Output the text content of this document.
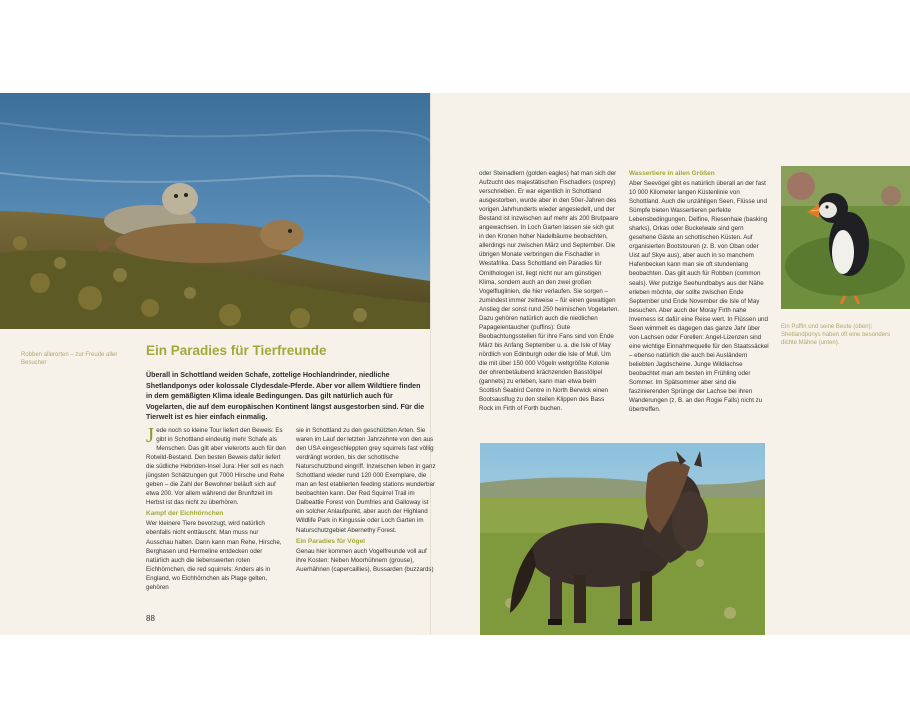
Robben allerorten – zur Freude aller Besucher
Ein Puffin und seine Beute (oben); Shetlandponys haben oft eine besonders dichte Mähne (unten).
Ein Paradies für Tierfreunde
Überall in Schottland weiden Schafe, zottelige Hochlandrinder, niedliche Shetlandponys oder kolossale Clydesdale-Pferde. Aber vor allem Wildtiere finden in dem gemäßigten Klima ideale Bedingungen. Das gilt natürlich auch für Vogelarten, die auf dem europäischen Kontinent längst ausgestorben sind. Für die Tierwelt ist es hier einfach einmalig.

J ede noch so kleine Tour liefert den Beweis: Es gibt in Schottland eindeutig mehr Schafe als Menschen. Das gilt aber vielerorts auch für den Rotwild-Bestand. Den besten Beweis dafür liefert die südliche Hebriden-Insel Jura: Hier soll es nach jüngsten Schätzungen gut 7000 Hirsche und Rehe geben – die Zahl der Bewohner beläuft sich auf etwa 200. Vor allem während der Brunftzeit im Herbst ist das nicht zu überhören.

Kampf der Eichhörnchen

Wer kleinere Tiere bevorzugt, wird natürlich ebenfalls nicht enttäuscht. Man muss nur Ausschau halten. Dann kann man Rehe, Hirsche, Berghasen und Hermeline entdecken oder natürlich auch die liebenswerten roten Eichhörnchen, die red squirrels: Anders als in England, wo Eichhörnchen als Plage gelten, gehören

sie in Schottland zu den geschützten Arten. Sie waren im Lauf der letzten Jahrzehnte von den aus den USA eingeschleppten grey squirrels fast völlig verdrängt worden, bis der schottische Naturschutzbund eingriff. Inzwischen leben in ganz Schottland wieder rund 120 000 Exemplare, die man an fest etablierten feeding stations wunderbar beobachten kann. Der Red Squirrel Trail im Dalbeattie Forest von Dumfries and Galloway ist ein solcher Anlaufpunkt, aber auch der Highland Wildlife Park in Kingussie oder Loch Garten im Naturschutzgebiet Abernethy Forest.

Ein Paradies für Vögel

Genau hier kommen auch Vogelfreunde voll auf ihre Kosten: Neben Moorhühnern (grouse), Auerhähnen (capercaillies), Bussarden (buzzards)

oder Steinadlern (golden eagles) hat man sich der Aufzucht des majestätischen Fischadlers (osprey) verschrieben. Er war eigentlich in Schottland ausgestorben, wurde aber in den 50er-Jahren des vorigen Jahrhunderts wieder angesiedelt, und der Bestand ist inzwischen auf mehr als 200 Brutpaare angewachsen. In Loch Garten lassen sie sich gut in den Kronen hoher Nadelbäume beobachten, allerdings nur zwischen März und September. Die übrigen Monate verbringen die Fischadler in Westafrika. Dass Schottland ein Paradies für Ornithologen ist, liegt nicht nur am günstigen Klima, sondern auch an den zwei großen Vogelfluglinien, die hier verlaufen. Sie sorgen – zumindest immer zeitweise – für einen gewaltigen Anstieg der sonst rund 250 heimischen Vogelarten. Dazu gehören natürlich auch die niedlichen Papageientaucher (puffins): Gute Beobachtungsstellen für ihre Fans sind von Ende März bis Anfang September u. a. die Isle of May nördlich von Edinburgh oder die Isle of Mull. Um die mit über 150 000 Vögeln weltgrößte Kolonie der ohrenbetäubend krächzenden Basstölpel (gannets) zu erleben, kann man etwa beim Scottish Seabird Centre in North Berwick einen Bootsausflug zu den steilen Klippen des Bass Rock im Firth of Forth buchen.

Wassertiere in allen Größen

Aber Seevögel gibt es natürlich überall an der fast 10 000 Kilometer langen Küstenlinie von Schottland. Auch die unzähligen Seen, Flüsse und Sümpfe bieten Wassertieren perfekte Lebensbedingungen. Delfine, Riesenhaie (basking sharks), Orkas oder Buckelwale sind gern gesehene Gäste an schottischen Küsten. Auf organisierten Bootstouren (z. B. von Oban oder Uist auf Skye aus), aber auch in so manchem Hafenbecken kann man sie oft stundenlang beobachten. Das gilt auch für Robben (common seals). Wer putzige Seehundbabys aus der Nähe erleben möchte, der sollte zwischen Ende September und Ende November die Isle of May besuchen. Aber auch der Moray Firth nahe Inverness ist dafür eine Reise wert. In Flüssen und Seen wimmelt es dagegen das ganze Jahr über von Lachsen oder Forellen: Angel-Lizenzen sind eine wichtige Einnahmequelle für den Staatssäckel – ebenso natürlich die auch bei Ausländern beliebten Jagdscheine. Junge Wildlachse beobachtet man am besten im Frühling oder Sommer. Im Spätsommer aber sind die faszinierenden Sprünge der Lachse bei ihren Wanderungen (z. B. an den Rogie Falls) nicht zu übertreffen.

88
